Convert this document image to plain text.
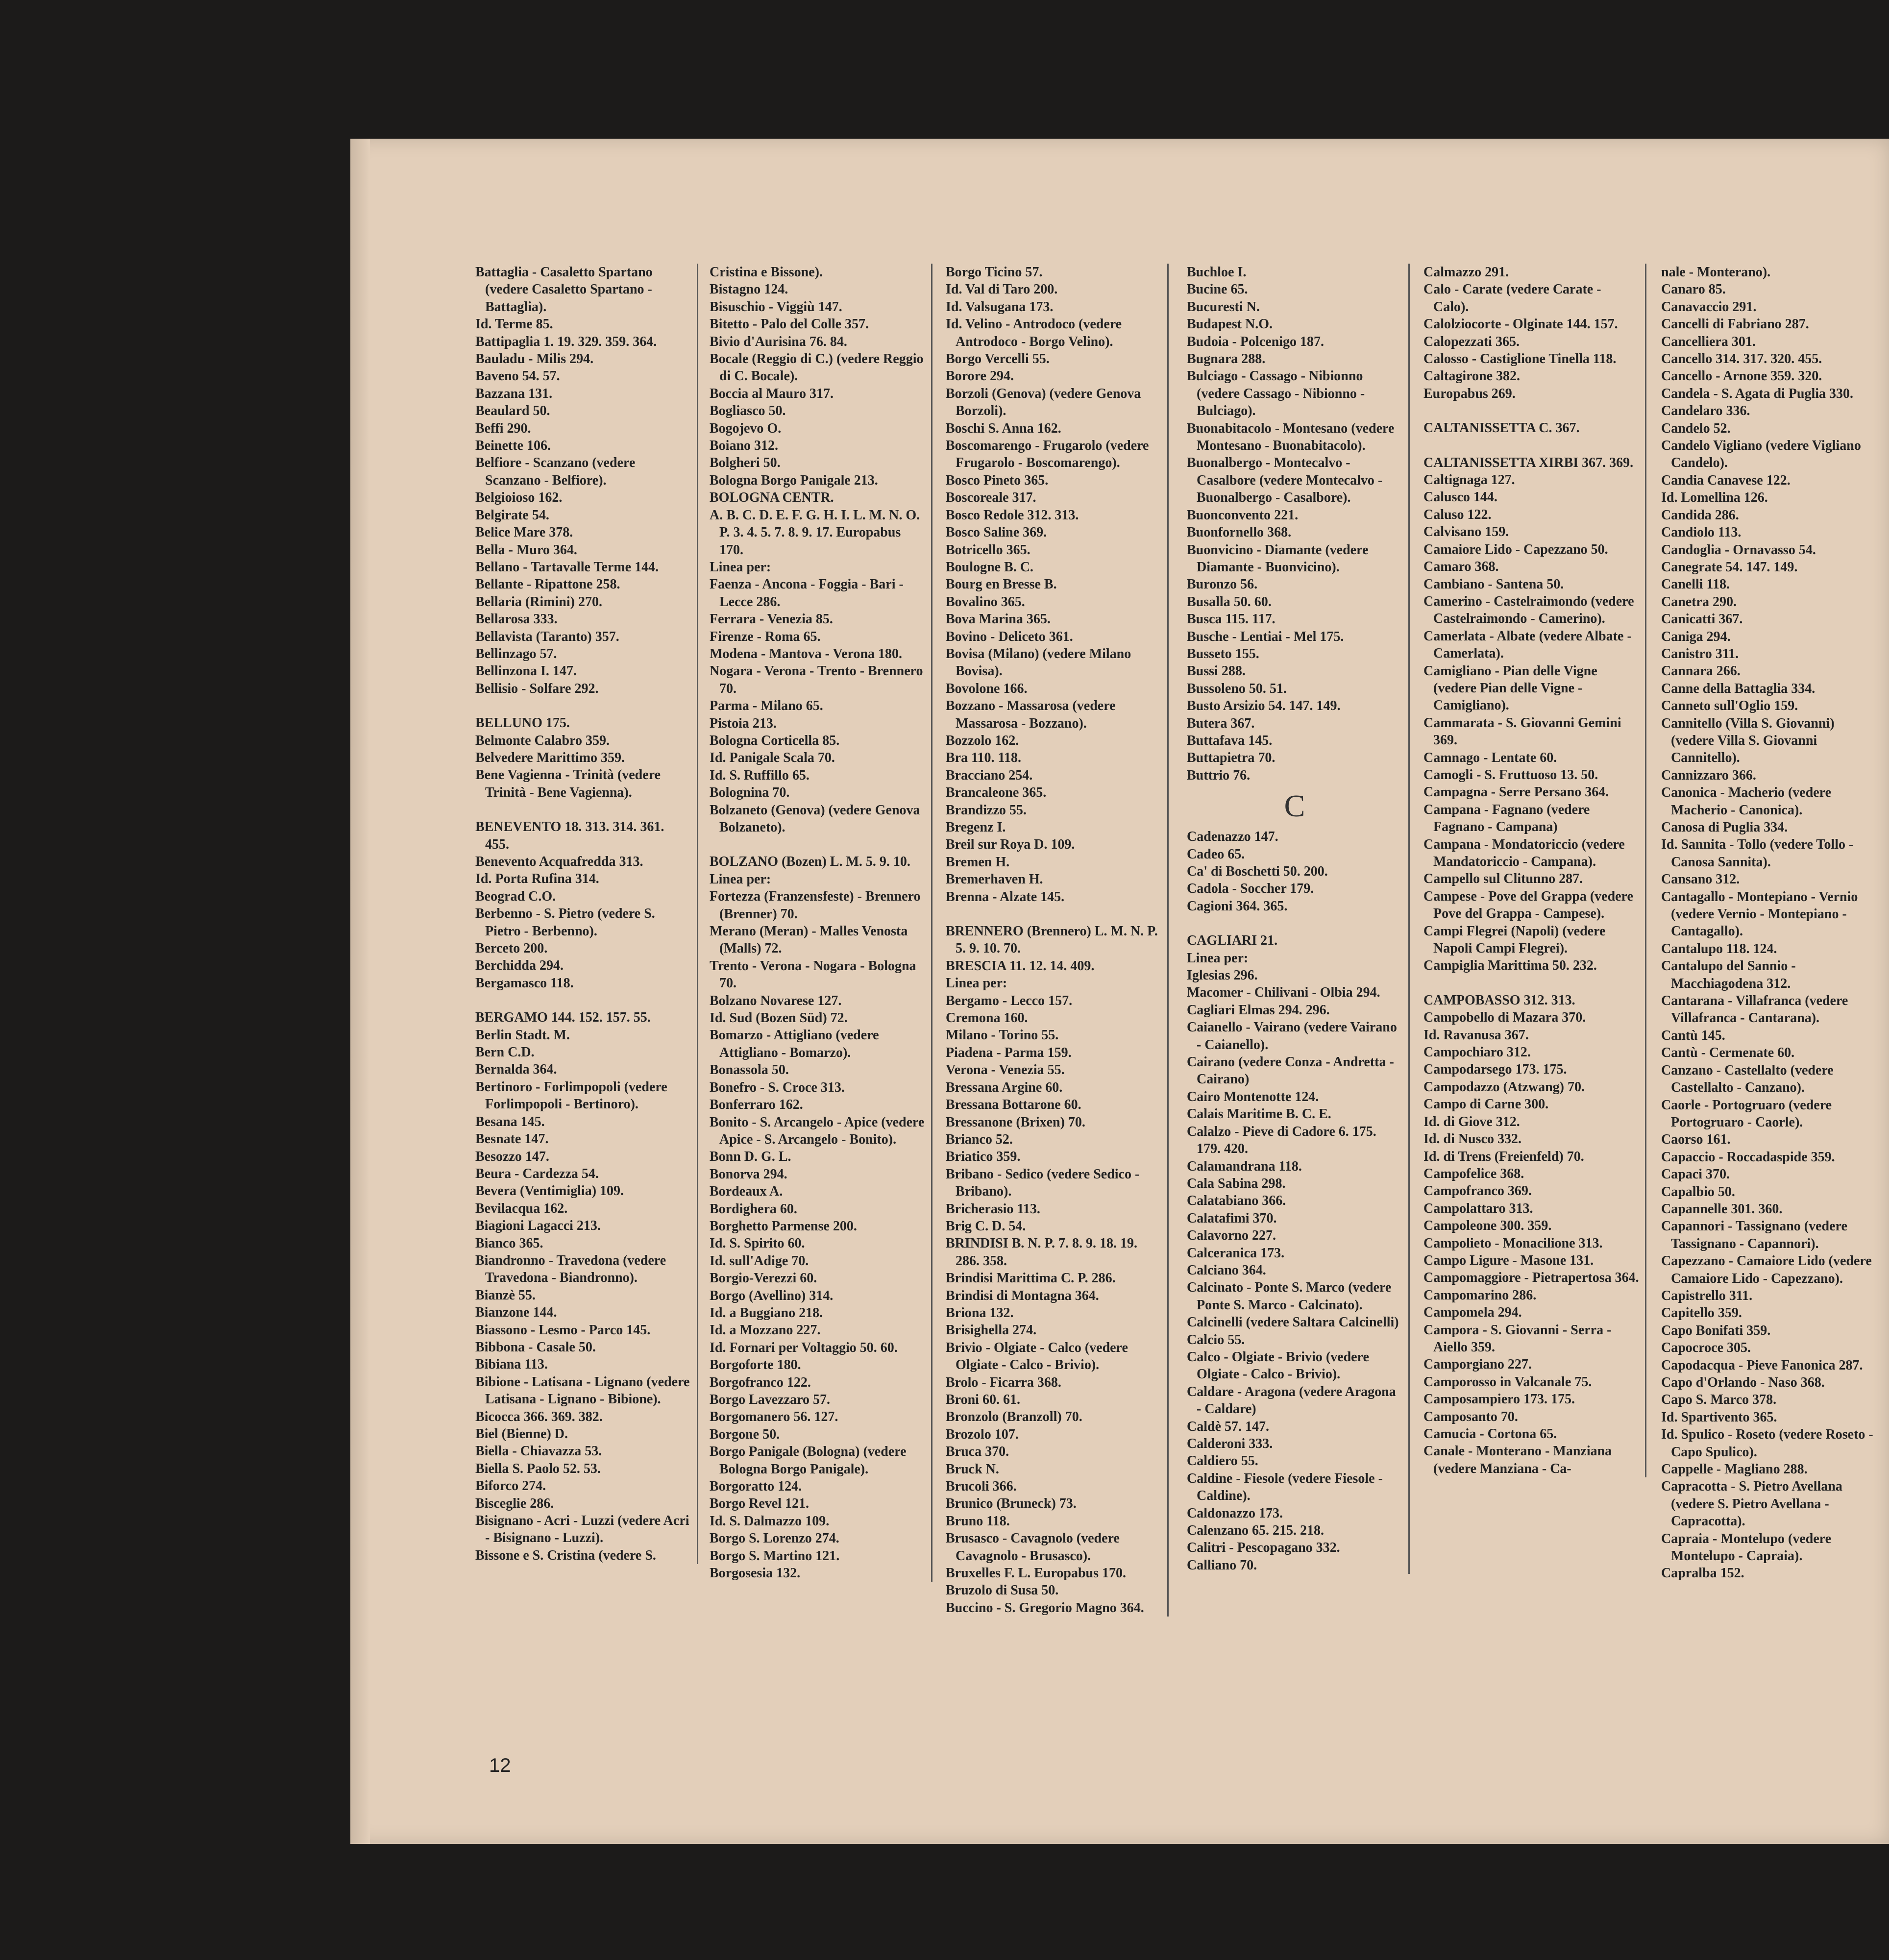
Battaglia - Casaletto Spartano (vedere Casaletto Spartano - Battaglia).

Id. Terme 85.

Battipaglia 1. 19. 329. 359. 364.

Bauladu - Milis 294.

Baveno 54. 57.

Bazzana 131.

Beaulard 50.

Beffi 290.

Beinette 106.

Belfiore - Scanzano (vedere Scanzano - Belfiore).

Belgioioso 162.

Belgirate 54.

Belice Mare 378.

Bella - Muro 364.

Bellano - Tartavalle Terme 144.

Bellante - Ripattone 258.

Bellaria (Rimini) 270.

Bellarosa 333.

Bellavista (Taranto) 357.

Bellinzago 57.

Bellinzona I. 147.

Bellisio - Solfare 292.

BELLUNO 175.

Belmonte Calabro 359.

Belvedere Marittimo 359.

Bene Vagienna - Trinità (vedere Trinità - Bene Vagienna).

BENEVENTO 18. 313. 314. 361. 455.

Benevento Acquafredda 313.

Id. Porta Rufina 314.

Beograd C.O.

Berbenno - S. Pietro (vedere S. Pietro - Berbenno).

Berceto 200.

Berchidda 294.

Bergamasco 118.

BERGAMO 144. 152. 157. 55.

Berlin Stadt. M.

Bern C.D.

Bernalda 364.

Bertinoro - Forlimpopoli (vedere Forlimpopoli - Bertinoro).

Besana 145.

Besnate 147.

Besozzo 147.

Beura - Cardezza 54.

Bevera (Ventimiglia) 109.

Bevilacqua 162.

Biagioni Lagacci 213.

Bianco 365.

Biandronno - Travedona (vedere Travedona - Biandronno).

Bianzè 55.

Bianzone 144.

Biassono - Lesmo - Parco 145.

Bibbona - Casale 50.

Bibiana 113.

Bibione - Latisana - Lignano (vedere Latisana - Lignano - Bibione).

Bicocca 366. 369. 382.

Biel (Bienne) D.

Biella - Chiavazza 53.

Biella S. Paolo 52. 53.

Biforco 274.

Bisceglie 286.

Bisignano - Acri - Luzzi (vedere Acri - Bisignano - Luzzi).

Bissone e S. Cristina (vedere S.

Cristina e Bissone).

Bistagno 124.

Bisuschio - Viggiù 147.

Bitetto - Palo del Colle 357.

Bivio d'Aurisina 76. 84.

Bocale (Reggio di C.) (vedere Reggio di C. Bocale).

Boccia al Mauro 317.

Bogliasco 50.

Bogojevo O.

Boiano 312.

Bolgheri 50.

Bologna Borgo Panigale 213.

BOLOGNA CENTR.

A. B. C. D. E. F. G. H. I. L. M. N. O. P. 3. 4. 5. 7. 8. 9. 17. Europabus 170.

Linea per:

Faenza - Ancona - Foggia - Bari - Lecce 286.

Ferrara - Venezia 85.

Firenze - Roma 65.

Modena - Mantova - Verona 180.

Nogara - Verona - Trento - Brennero 70.

Parma - Milano 65.

Pistoia 213.

Bologna Corticella 85.

Id. Panigale Scala 70.

Id. S. Ruffillo 65.

Bolognina 70.

Bolzaneto (Genova) (vedere Genova Bolzaneto).

BOLZANO (Bozen) L. M. 5. 9. 10.

Linea per:

Fortezza (Franzensfeste) - Brennero (Brenner) 70.

Merano (Meran) - Malles Venosta (Malls) 72.

Trento - Verona - Nogara - Bologna 70.

Bolzano Novarese 127.

Id. Sud (Bozen Süd) 72.

Bomarzo - Attigliano (vedere Attigliano - Bomarzo).

Bonassola 50.

Bonefro - S. Croce 313.

Bonferraro 162.

Bonito - S. Arcangelo - Apice (vedere Apice - S. Arcangelo - Bonito).

Bonn D. G. L.

Bonorva 294.

Bordeaux A.

Bordighera 60.

Borghetto Parmense 200.

Id. S. Spirito 60.

Id. sull'Adige 70.

Borgio-Verezzi 60.

Borgo (Avellino) 314.

Id. a Buggiano 218.

Id. a Mozzano 227.

Id. Fornari per Voltaggio 50. 60.

Borgoforte 180.

Borgofranco 122.

Borgo Lavezzaro 57.

Borgomanero 56. 127.

Borgone 50.

Borgo Panigale (Bologna) (vedere Bologna Borgo Panigale).

Borgoratto 124.

Borgo Revel 121.

Id. S. Dalmazzo 109.

Borgo S. Lorenzo 274.

Borgo S. Martino 121.

Borgosesia 132.

Borgo Ticino 57.

Id. Val di Taro 200.

Id. Valsugana 173.

Id. Velino - Antrodoco (vedere Antrodoco - Borgo Velino).

Borgo Vercelli 55.

Borore 294.

Borzoli (Genova) (vedere Genova Borzoli).

Boschi S. Anna 162.

Boscomarengo - Frugarolo (vedere Frugarolo - Boscomarengo).

Bosco Pineto 365.

Boscoreale 317.

Bosco Redole 312. 313.

Bosco Saline 369.

Botricello 365.

Boulogne B. C.

Bourg en Bresse B.

Bovalino 365.

Bova Marina 365.

Bovino - Deliceto 361.

Bovisa (Milano) (vedere Milano Bovisa).

Bovolone 166.

Bozzano - Massarosa (vedere Massarosa - Bozzano).

Bozzolo 162.

Bra 110. 118.

Bracciano 254.

Brancaleone 365.

Brandizzo 55.

Bregenz I.

Breil sur Roya D. 109.

Bremen H.

Bremerhaven H.

Brenna - Alzate 145.

BRENNERO (Brennero) L. M. N. P. 5. 9. 10. 70.

BRESCIA 11. 12. 14. 409.

Linea per:

Bergamo - Lecco 157.

Cremona 160.

Milano - Torino 55.

Piadena - Parma 159.

Verona - Venezia 55.

Bressana Argine 60.

Bressana Bottarone 60.

Bressanone (Brixen) 70.

Brianco 52.

Briatico 359.

Bribano - Sedico (vedere Sedico - Bribano).

Bricherasio 113.

Brig C. D. 54.

BRINDISI B. N. P. 7. 8. 9. 18. 19. 286. 358.

Brindisi Marittima C. P. 286.

Brindisi di Montagna 364.

Briona 132.

Brisighella 274.

Brivio - Olgiate - Calco (vedere Olgiate - Calco - Brivio).

Brolo - Ficarra 368.

Broni 60. 61.

Bronzolo (Branzoll) 70.

Brozolo 107.

Bruca 370.

Bruck N.

Brucoli 366.

Brunico (Bruneck) 73.

Bruno 118.

Brusasco - Cavagnolo (vedere Cavagnolo - Brusasco).

Bruxelles F. L. Europabus 170.

Bruzolo di Susa 50.

Buccino - S. Gregorio Magno 364.

Buchloe I.

Bucine 65.

Bucuresti N.

Budapest N.O.

Budoia - Polcenigo 187.

Bugnara 288.

Bulciago - Cassago - Nibionno (vedere Cassago - Nibionno - Bulciago).

Buonabitacolo - Montesano (vedere Montesano - Buonabitacolo).

Buonalbergo - Montecalvo - Casalbore (vedere Montecalvo - Buonalbergo - Casalbore).

Buonconvento 221.

Buonfornello 368.

Buonvicino - Diamante (vedere Diamante - Buonvicino).

Buronzo 56.

Busalla 50. 60.

Busca 115. 117.

Busche - Lentiai - Mel 175.

Busseto 155.

Bussi 288.

Bussoleno 50. 51.

Busto Arsizio 54. 147. 149.

Butera 367.

Buttafava 145.

Buttapietra 70.

Buttrio 76.

C

Cadenazzo 147.

Cadeo 65.

Ca' di Boschetti 50. 200.

Cadola - Soccher 179.

Cagioni 364. 365.

CAGLIARI 21.

Linea per:

Iglesias 296.

Macomer - Chilivani - Olbia 294.

Cagliari Elmas 294. 296.

Caianello - Vairano (vedere Vairano - Caianello).

Cairano (vedere Conza - Andretta - Cairano)

Cairo Montenotte 124.

Calais Maritime B. C. E.

Calalzo - Pieve di Cadore 6. 175. 179. 420.

Calamandrana 118.

Cala Sabina 298.

Calatabiano 366.

Calatafimi 370.

Calavorno 227.

Calceranica 173.

Calciano 364.

Calcinato - Ponte S. Marco (vedere Ponte S. Marco - Calcinato).

Calcinelli (vedere Saltara Calcinelli)

Calcio 55.

Calco - Olgiate - Brivio (vedere Olgiate - Calco - Brivio).

Caldare - Aragona (vedere Aragona - Caldare)

Caldè 57. 147.

Calderoni 333.

Caldiero 55.

Caldine - Fiesole (vedere Fiesole - Caldine).

Caldonazzo 173.

Calenzano 65. 215. 218.

Calitri - Pescopagano 332.

Calliano 70.

Calmazzo 291.

Calo - Carate (vedere Carate - Calo).

Calolziocorte - Olginate 144. 157.

Calopezzati 365.

Calosso - Castiglione Tinella 118.

Caltagirone 382.

Europabus 269.

CALTANISSETTA C. 367.

CALTANISSETTA XIRBI 367. 369.

Caltignaga 127.

Calusco 144.

Caluso 122.

Calvisano 159.

Camaiore Lido - Capezzano 50.

Camaro 368.

Cambiano - Santena 50.

Camerino - Castelraimondo (vedere Castelraimondo - Camerino).

Camerlata - Albate (vedere Albate - Camerlata).

Camigliano - Pian delle Vigne (vedere Pian delle Vigne - Camigliano).

Cammarata - S. Giovanni Gemini 369.

Camnago - Lentate 60.

Camogli - S. Fruttuoso 13. 50.

Campagna - Serre Persano 364.

Campana - Fagnano (vedere Fagnano - Campana)

Campana - Mondatoriccio (vedere Mandatoriccio - Campana).

Campello sul Clitunno 287.

Campese - Pove del Grappa (vedere Pove del Grappa - Campese).

Campi Flegrei (Napoli) (vedere Napoli Campi Flegrei).

Campiglia Marittima 50. 232.

CAMPOBASSO 312. 313.

Campobello di Mazara 370.

Id. Ravanusa 367.

Campochiaro 312.

Campodarsego 173. 175.

Campodazzo (Atzwang) 70.

Campo di Carne 300.

Id. di Giove 312.

Id. di Nusco 332.

Id. di Trens (Freienfeld) 70.

Campofelice 368.

Campofranco 369.

Campolattaro 313.

Campoleone 300. 359.

Campolieto - Monacilione 313.

Campo Ligure - Masone 131.

Campomaggiore - Pietrapertosa 364.

Campomarino 286.

Campomela 294.

Campora - S. Giovanni - Serra - Aiello 359.

Camporgiano 227.

Camporosso in Valcanale 75.

Camposampiero 173. 175.

Camposanto 70.

Camucia - Cortona 65.

Canale - Monterano - Manziana (vedere Manziana - Ca-

nale - Monterano).

Canaro 85.

Canavaccio 291.

Cancelli di Fabriano 287.

Cancelliera 301.

Cancello 314. 317. 320. 455.

Cancello - Arnone 359. 320.

Candela - S. Agata di Puglia 330.

Candelaro 336.

Candelo 52.

Candelo Vigliano (vedere Vigliano Candelo).

Candia Canavese 122.

Id. Lomellina 126.

Candida 286.

Candiolo 113.

Candoglia - Ornavasso 54.

Canegrate 54. 147. 149.

Canelli 118.

Canetra 290.

Canicatti 367.

Caniga 294.

Canistro 311.

Cannara 266.

Canne della Battaglia 334.

Canneto sull'Oglio 159.

Cannitello (Villa S. Giovanni) (vedere Villa S. Giovanni Cannitello).

Cannizzaro 366.

Canonica - Macherio (vedere Macherio - Canonica).

Canosa di Puglia 334.

Id. Sannita - Tollo (vedere Tollo - Canosa Sannita).

Cansano 312.

Cantagallo - Montepiano - Vernio (vedere Vernio - Montepiano - Cantagallo).

Cantalupo 118. 124.

Cantalupo del Sannio - Macchiagodena 312.

Cantarana - Villafranca (vedere Villafranca - Cantarana).

Cantù 145.

Cantù - Cermenate 60.

Canzano - Castellalto (vedere Castellalto - Canzano).

Caorle - Portogruaro (vedere Portogruaro - Caorle).

Caorso 161.

Capaccio - Roccadaspide 359.

Capaci 370.

Capalbio 50.

Capannelle 301. 360.

Capannori - Tassignano (vedere Tassignano - Capannori).

Capezzano - Camaiore Lido (vedere Camaiore Lido - Capezzano).

Capistrello 311.

Capitello 359.

Capo Bonifati 359.

Capocroce 305.

Capodacqua - Pieve Fanonica 287.

Capo d'Orlando - Naso 368.

Capo S. Marco 378.

Id. Spartivento 365.

Id. Spulico - Roseto (vedere Roseto - Capo Spulico).

Cappelle - Magliano 288.

Capracotta - S. Pietro Avellana (vedere S. Pietro Avellana - Capracotta).

Capraia - Montelupo (vedere Montelupo - Capraia).

Capralba 152.

12
